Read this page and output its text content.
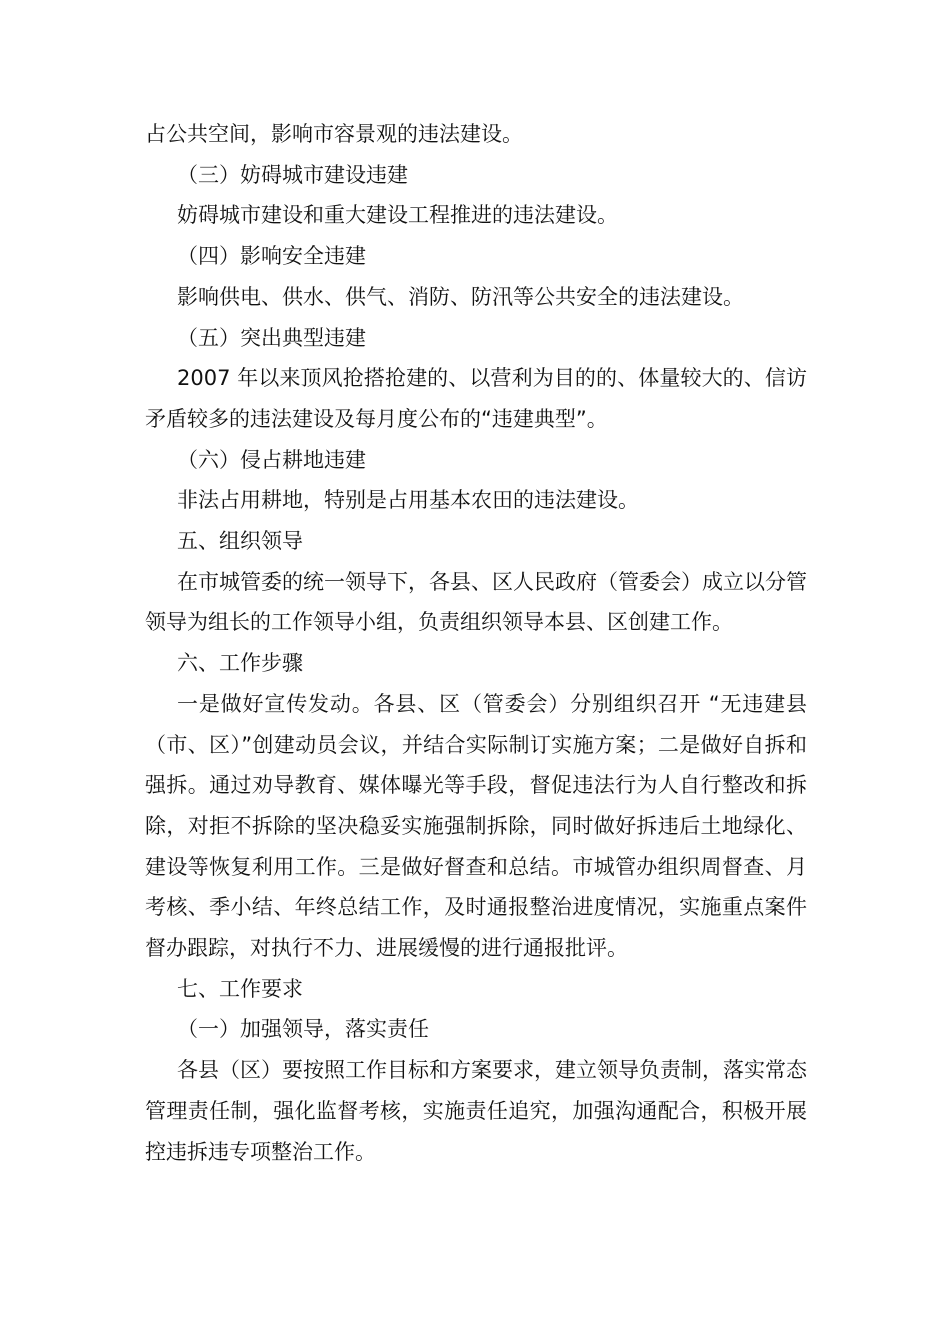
占公共空间，影响市容景观的违法建设。

（三）妨碍城市建设违建

妨碍城市建设和重大建设工程推进的违法建设。

（四）影响安全违建

影响供电、供水、供气、消防、防汛等公共安全的违法建设。

（五）突出典型违建

2007 年以来顶风抢搭抢建的、以营利为目的的、体量较大的、信访矛盾较多的违法建设及每月度公布的“违建典型”。

（六）侵占耕地违建

非法占用耕地，特别是占用基本农田的违法建设。

五、组织领导

在市城管委的统一领导下，各县、区人民政府（管委会）成立以分管领导为组长的工作领导小组，负责组织领导本县、区创建工作。

六、工作步骤

一是做好宣传发动。各县、区（管委会）分别组织召开 “无违建县（市、区）”创建动员会议，并结合实际制订实施方案；二是做好自拆和强拆。通过劝导教育、媒体曝光等手段，督促违法行为人自行整改和拆除，对拒不拆除的坚决稳妥实施强制拆除，同时做好拆违后土地绿化、建设等恢复利用工作。三是做好督查和总结。市城管办组织周督查、月考核、季小结、年终总结工作，及时通报整治进度情况，实施重点案件督办跟踪，对执行不力、进展缓慢的进行通报批评。

七、工作要求

（一）加强领导，落实责任

各县（区）要按照工作目标和方案要求，建立领导负责制，落实常态管理责任制，强化监督考核，实施责任追究，加强沟通配合，积极开展控违拆违专项整治工作。
